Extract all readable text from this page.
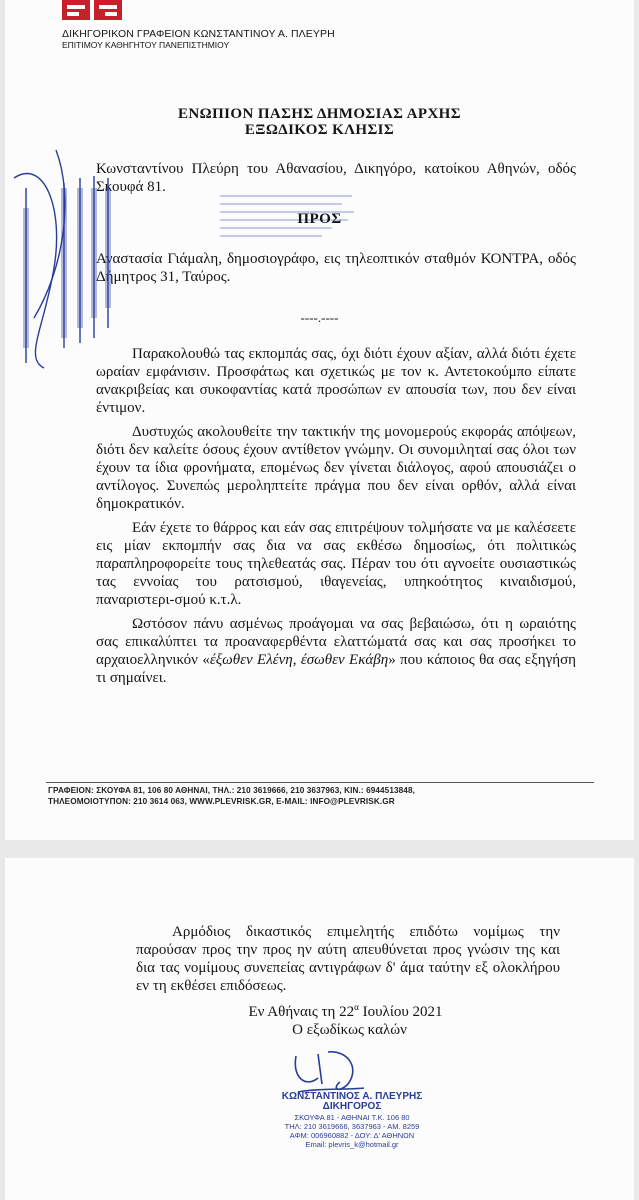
ΔΙΚΗΓΟΡΙΚΟΝ ΓΡΑΦΕΙΟΝ ΚΩΝΣΤΑΝΤΙΝΟΥ Α. ΠΛΕΥΡΗ
ΕΠΙΤΙΜΟΥ ΚΑΘΗΓΗΤΟΥ ΠΑΝΕΠΙΣΤΗΜΙΟΥ
ΕΝΩΠΙΟΝ ΠΑΣΗΣ ΔΗΜΟΣΙΑΣ ΑΡΧΗΣ
ΕΞΩΔΙΚΟΣ ΚΛΗΣΙΣ
Κωνσταντίνου Πλεύρη του Αθανασίου, Δικηγόρο, κατοίκου Αθηνών, οδός Σκουφά 81.
ΠΡΟΣ
Αναστασία Γιάμαλη, δημοσιογράφο, εις τηλεοπτικόν σταθμόν ΚΟΝΤΡΑ, οδός Δήμητρος 31, Ταύρος.
----.----

Παρακολουθώ τας εκπομπάς σας, όχι διότι έχουν αξίαν, αλλά διότι έχετε ωραίαν εμφάνισιν. Προσφάτως και σχετικώς με τον κ. Αντετοκούμπο είπατε ανακριβείας και συκοφαντίας κατά προσώπων εν απουσία των, που δεν είναι έντιμον.

Δυστυχώς ακολουθείτε την τακτικήν της μονομερούς εκφοράς απόψεων, διότι δεν καλείτε όσους έχουν αντίθετον γνώμην. Οι συνομιληταί σας όλοι των έχουν τα ίδια φρονήματα, επομένως δεν γίνεται διάλογος, αφού απουσιάζει ο αντίλογος. Συνεπώς μεροληπτείτε πράγμα που δεν είναι ορθόν, αλλά είναι δημοκρατικόν.

Εάν έχετε το θάρρος και εάν σας επιτρέψουν τολμήσατε να με καλέσεετε εις μίαν εκπομπήν σας δια να σας εκθέσω δημοσίως, ότι πολιτικώς παραπληροφορείτε τους τηλεθεατάς σας. Πέραν του ότι αγνοείτε ουσιαστικώς τας εννοίας του ρατσισμού, ιθαγενείας, υπηκοότητος κιναιδισμού, παναριστερι-σμού κ.τ.λ.

Ωστόσον πάνυ ασμένως προάγομαι να σας βεβαιώσω, ότι η ωραιότης σας επικαλύπτει τα προαναφερθέντα ελαττώματά σας και σας προσήκει το αρχαιοελληνικόν «έξωθεν Ελένη, έσωθεν Εκάβη» που κάποιος θα σας εξηγήση τι σημαίνει.

ΓΡΑΦΕΙΟΝ: ΣΚΟΥΦΑ 81, 106 80 ΑΘΗΝΑΙ, ΤΗΛ.: 210 3619666, 210 3637963, ΚΙΝ.: 6944513848,
ΤΗΛΕΟΜΟΙΟΤΥΠΟΝ: 210 3614 063, WWW.PLEVRISK.GR, E-MAIL: INFO@PLEVRISK.GR
Αρμόδιος δικαστικός επιμελητής επιδότω νομίμως την παρούσαν προς την προς ην αύτη απευθύνεται προς γνώσιν της και δια τας νομίμους συνεπείας αντιγράφων δ' άμα ταύτην εξ ολοκλήρου εν τη εκθέσει επιδόσεως.
Εν Αθήναις τη $22^\alpha$ Ιουλίου 2021
Ο εξωδίκως καλών
ΚΩΝΣΤΑΝΤΙΝΟΣ Α. ΠΛΕΥΡΗΣ
ΔΙΚΗΓΟΡΟΣ
ΣΚΟΥΦΑ 81 - ΑΘΗΝΑΙ Τ.Κ. 106 80
ΤΗΛ: 210 3619666, 3637963 - ΑΜ. 8259
ΑΦΜ: 006960882 - ΔΟΥ: Δ' ΑΘΗΝΩΝ
Email: plevris_k@hotmail.gr
